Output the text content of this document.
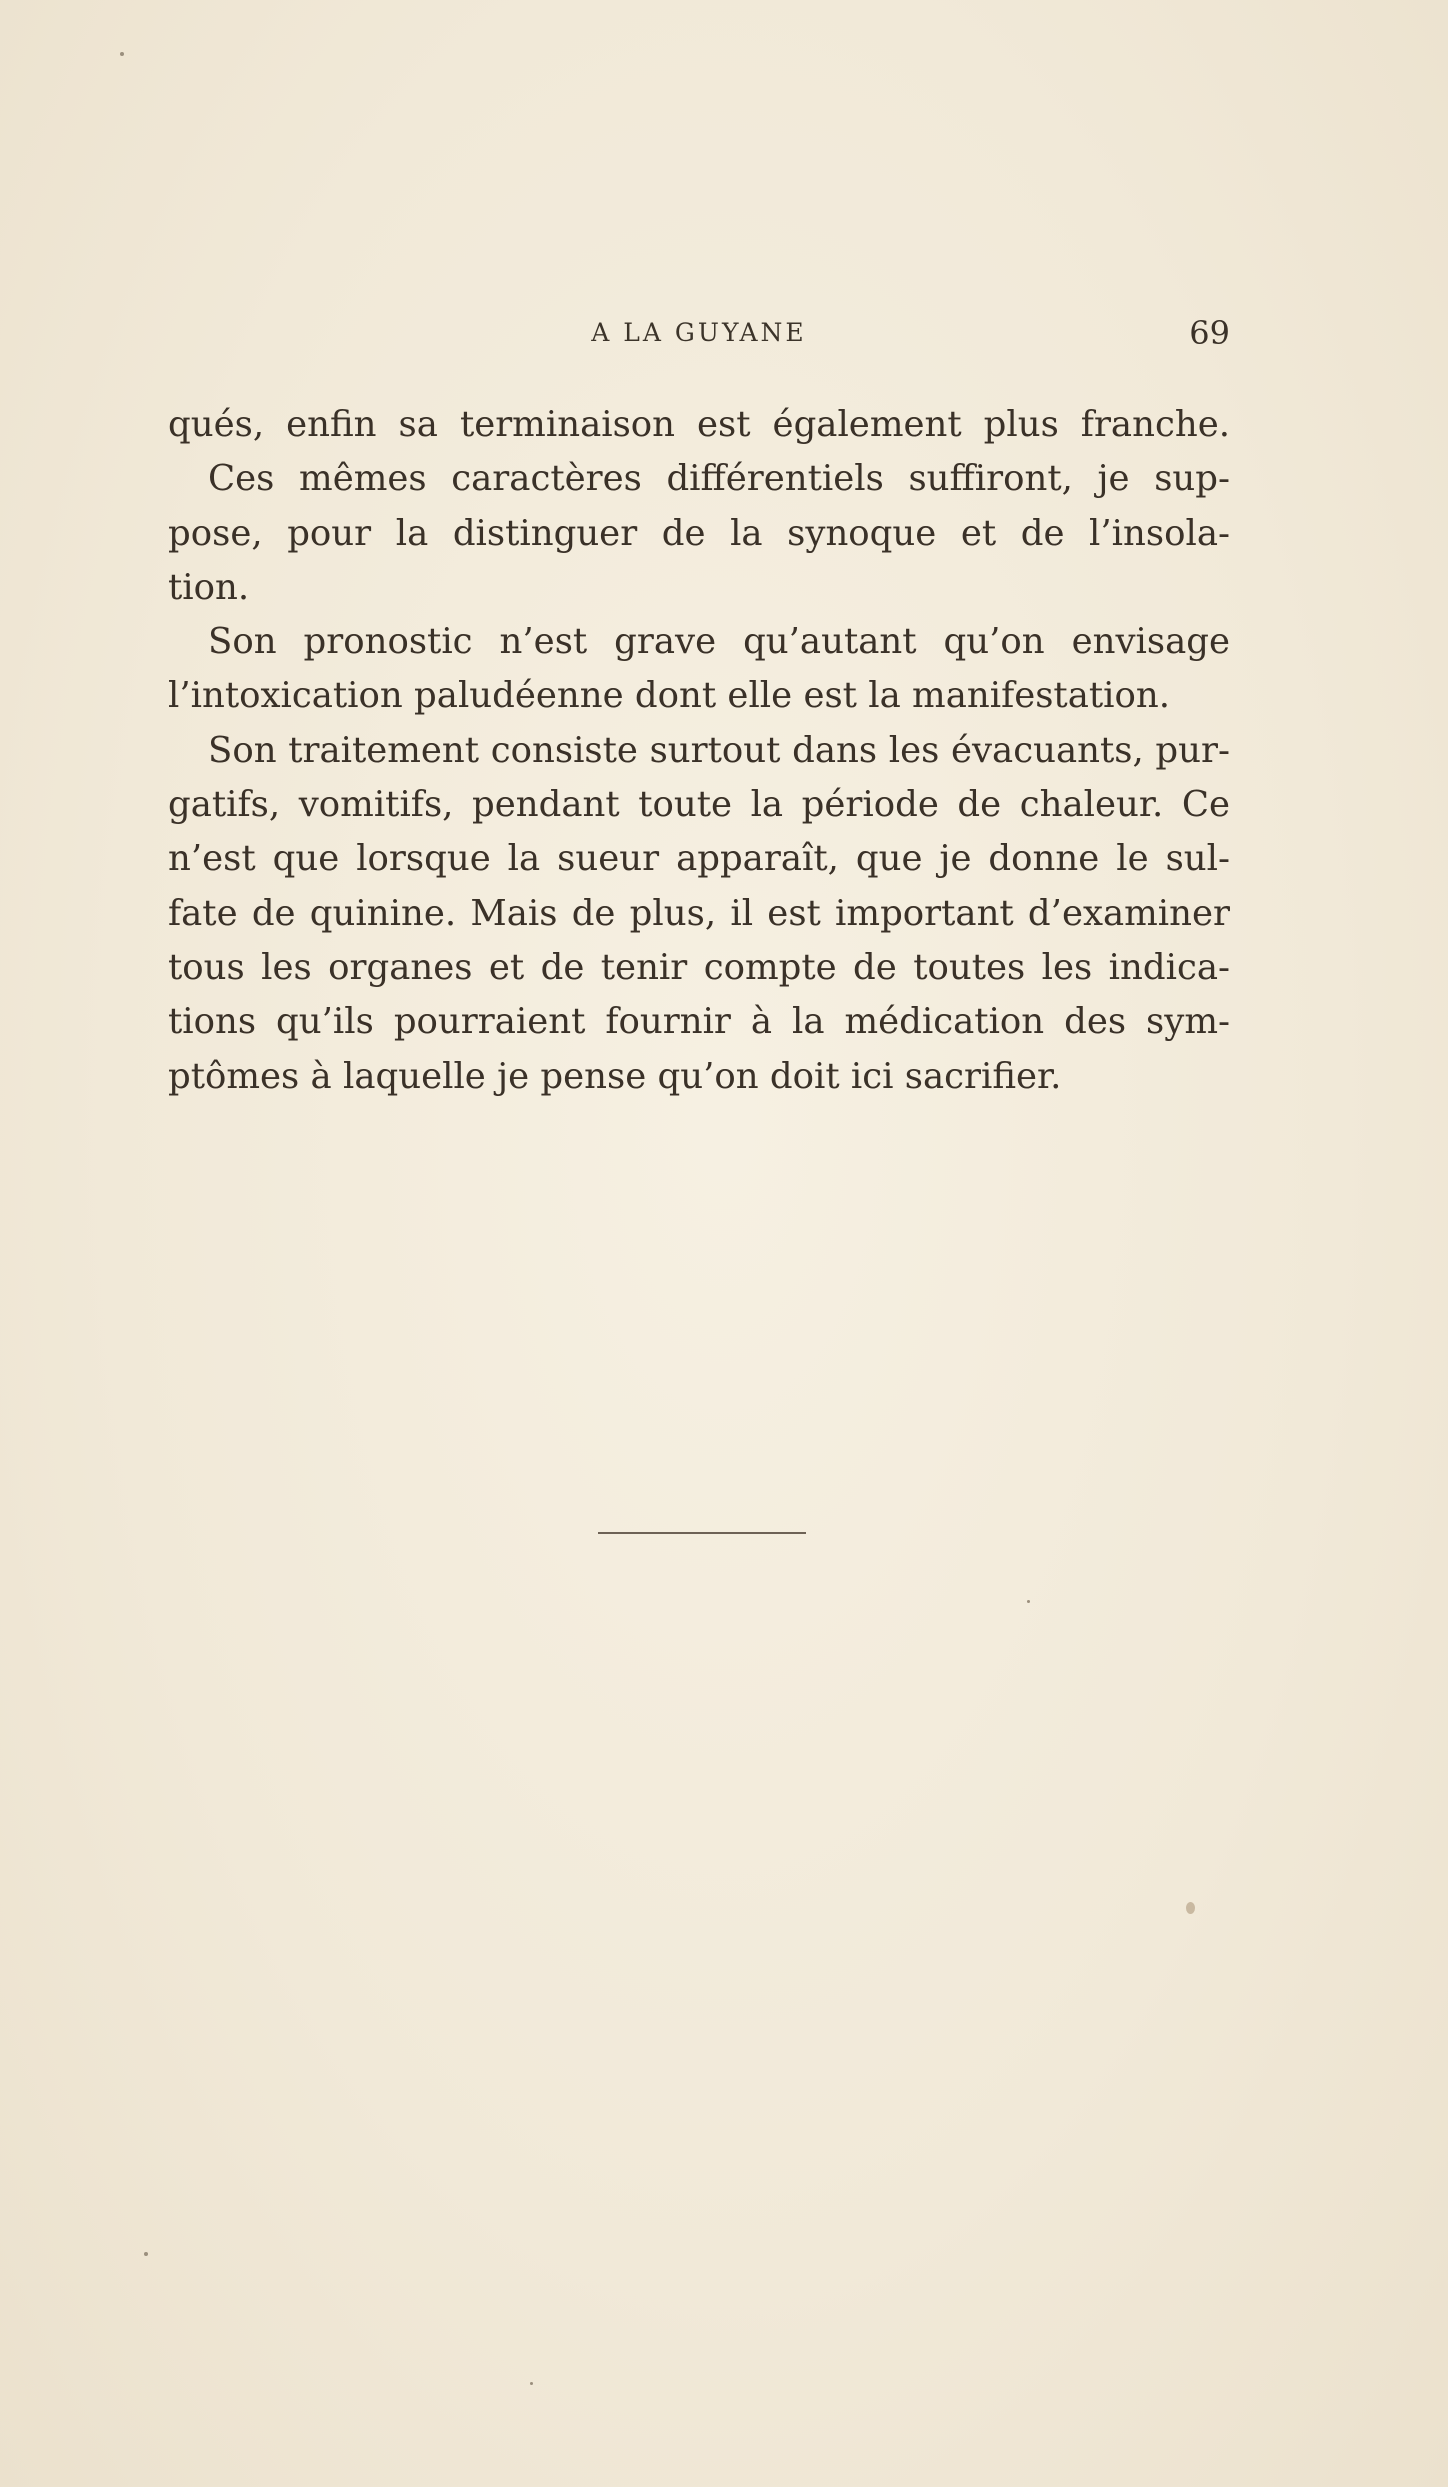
A LA GUYANE	69
qués, enfin sa terminaison est également plus franche.
Ces mêmes caractères différentiels suffiront, je sup-
pose, pour la distinguer de la synoque et de l’insola-
tion.
Son pronostic n’est grave qu’autant qu’on envisage
l’intoxication paludéenne dont elle est la manifestation.
Son traitement consiste surtout dans les évacuants, pur-
gatifs, vomitifs, pendant toute la période de chaleur. Ce
n’est que lorsque la sueur apparaît, que je donne le sul-
fate de quinine. Mais de plus, il est important d’examiner
tous les organes et de tenir compte de toutes les indica-
tions qu’ils pourraient fournir à la médication des sym-
ptômes à laquelle je pense qu’on doit ici sacrifier.
